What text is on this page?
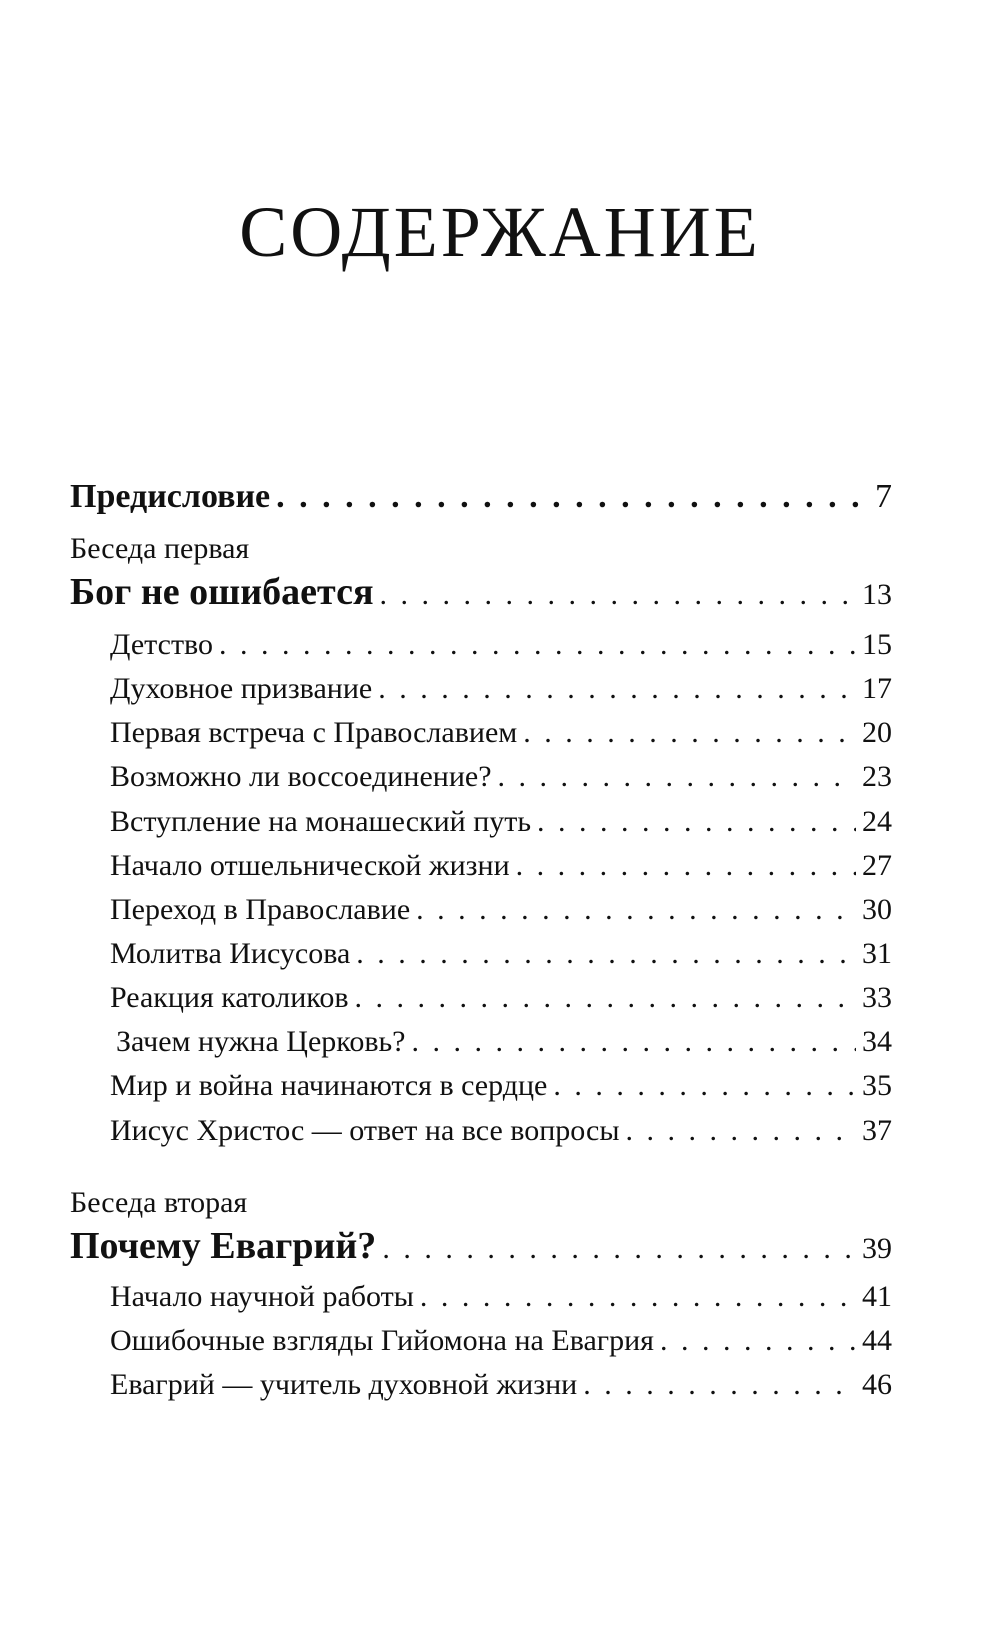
СОДЕРЖАНИЕ
Предисловие . . .	7
Беседа первая
Бог не ошибается . . .	13
Детство . . .	15
Духовное призвание . . .	17
Первая встреча с Православием . . .	20
Возможно ли воссоединение? . . .	23
Вступление на монашеский путь . . .	24
Начало отшельнической жизни . . .	27
Переход в Православие . . .	30
Молитва Иисусова . . .	31
Реакция католиков . . .	33
Зачем нужна Церковь? . . .	34
Мир и война начинаются в сердце . . .	35
Иисус Христос — ответ на все вопросы . . .	37
Беседа вторая
Почему Евагрий? . . .	39
Начало научной работы . . .	41
Ошибочные взгляды Гийомона на Евагрия . . .	44
Евагрий — учитель духовной жизни . . .	46
